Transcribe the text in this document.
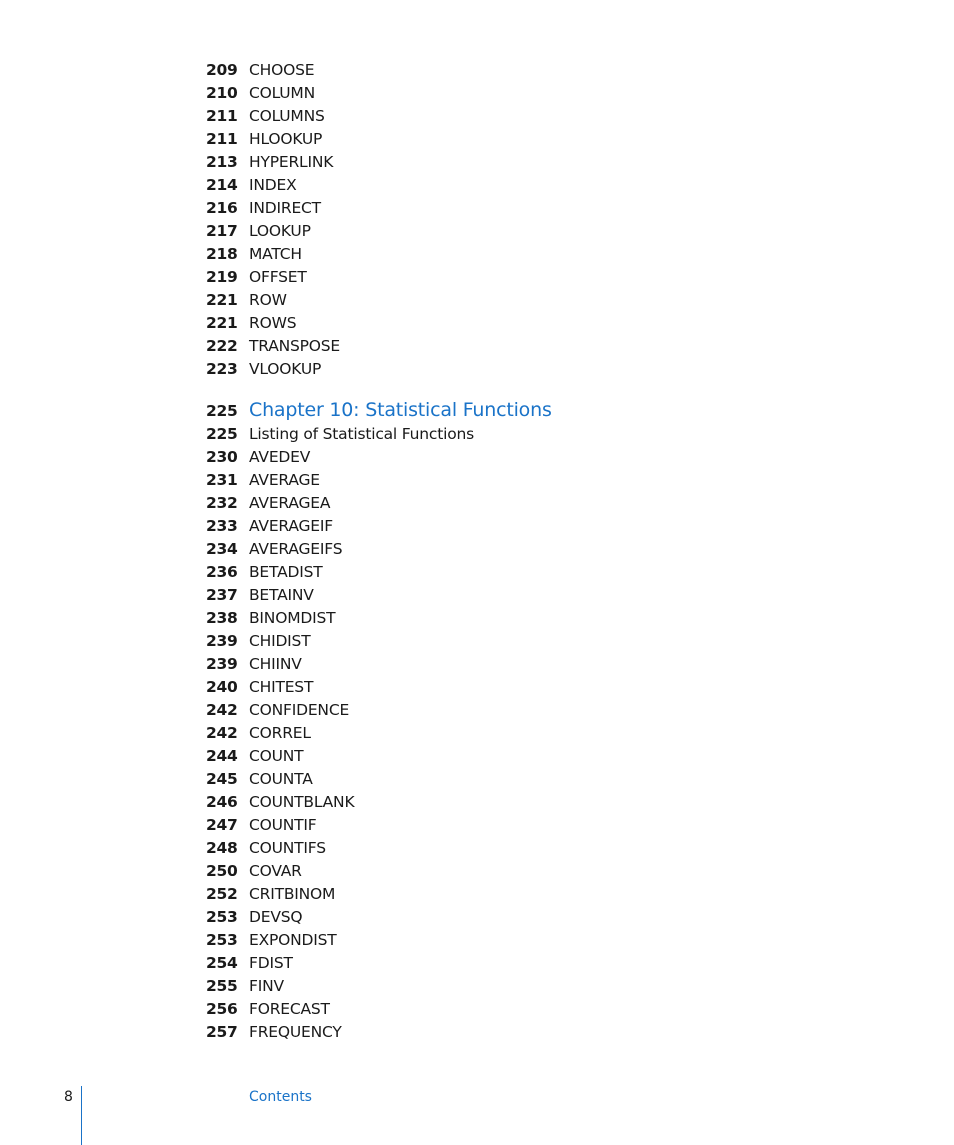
209 CHOOSE
210 COLUMN
211 COLUMNS
211 HLOOKUP
213 HYPERLINK
214 INDEX
216 INDIRECT
217 LOOKUP
218 MATCH
219 OFFSET
221 ROW
221 ROWS
222 TRANSPOSE
223 VLOOKUP
225 Chapter 10: Statistical Functions
225 Listing of Statistical Functions
230 AVEDEV
231 AVERAGE
232 AVERAGEA
233 AVERAGEIF
234 AVERAGEIFS
236 BETADIST
237 BETAINV
238 BINOMDIST
239 CHIDIST
239 CHIINV
240 CHITEST
242 CONFIDENCE
242 CORREL
244 COUNT
245 COUNTA
246 COUNTBLANK
247 COUNTIF
248 COUNTIFS
250 COVAR
252 CRITBINOM
253 DEVSQ
253 EXPONDIST
254 FDIST
255 FINV
256 FORECAST
257 FREQUENCY
8	Contents
